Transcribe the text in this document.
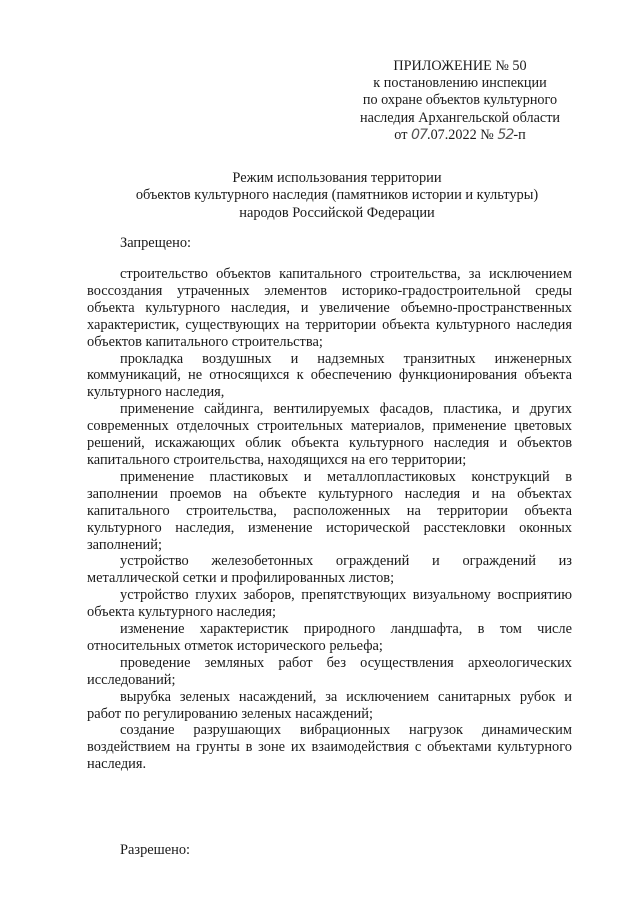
ПРИЛОЖЕНИЕ № 50
к постановлению инспекции
по охране объектов культурного
наследия Архангельской области
от 07.07.2022 № 52-п
Режим использования территории
объектов культурного наследия (памятников истории и культуры)
народов Российской Федерации
Запрещено:

строительство объектов капитального строительства, за исключением воссоздания утраченных элементов историко-градостроительной среды объекта культурного наследия, и увеличение объемно-пространственных характеристик, существующих на территории объекта культурного наследия объектов капитального строительства;

прокладка воздушных и надземных транзитных инженерных коммуникаций, не относящихся к обеспечению функционирования объекта культурного наследия,

применение сайдинга, вентилируемых фасадов, пластика, и других современных отделочных строительных материалов, применение цветовых решений, искажающих облик объекта культурного наследия и объектов капитального строительства, находящихся на его территории;

применение пластиковых и металлопластиковых конструкций в заполнении проемов на объекте культурного наследия и на объектах капитального строительства, расположенных на территории объекта культурного наследия, изменение исторической расстекловки оконных заполнений;

устройство железобетонных ограждений и ограждений из металлической сетки и профилированных листов;

устройство глухих заборов, препятствующих визуальному восприятию объекта культурного наследия;

изменение характеристик природного ландшафта, в том числе относительных отметок исторического рельефа;

проведение земляных работ без осуществления археологических исследований;

вырубка зеленых насаждений, за исключением санитарных рубок и работ по регулированию зеленых насаждений;

создание разрушающих вибрационных нагрузок динамическим воздействием на грунты в зоне их взаимодействия с объектами культурного наследия.

Разрешено:
